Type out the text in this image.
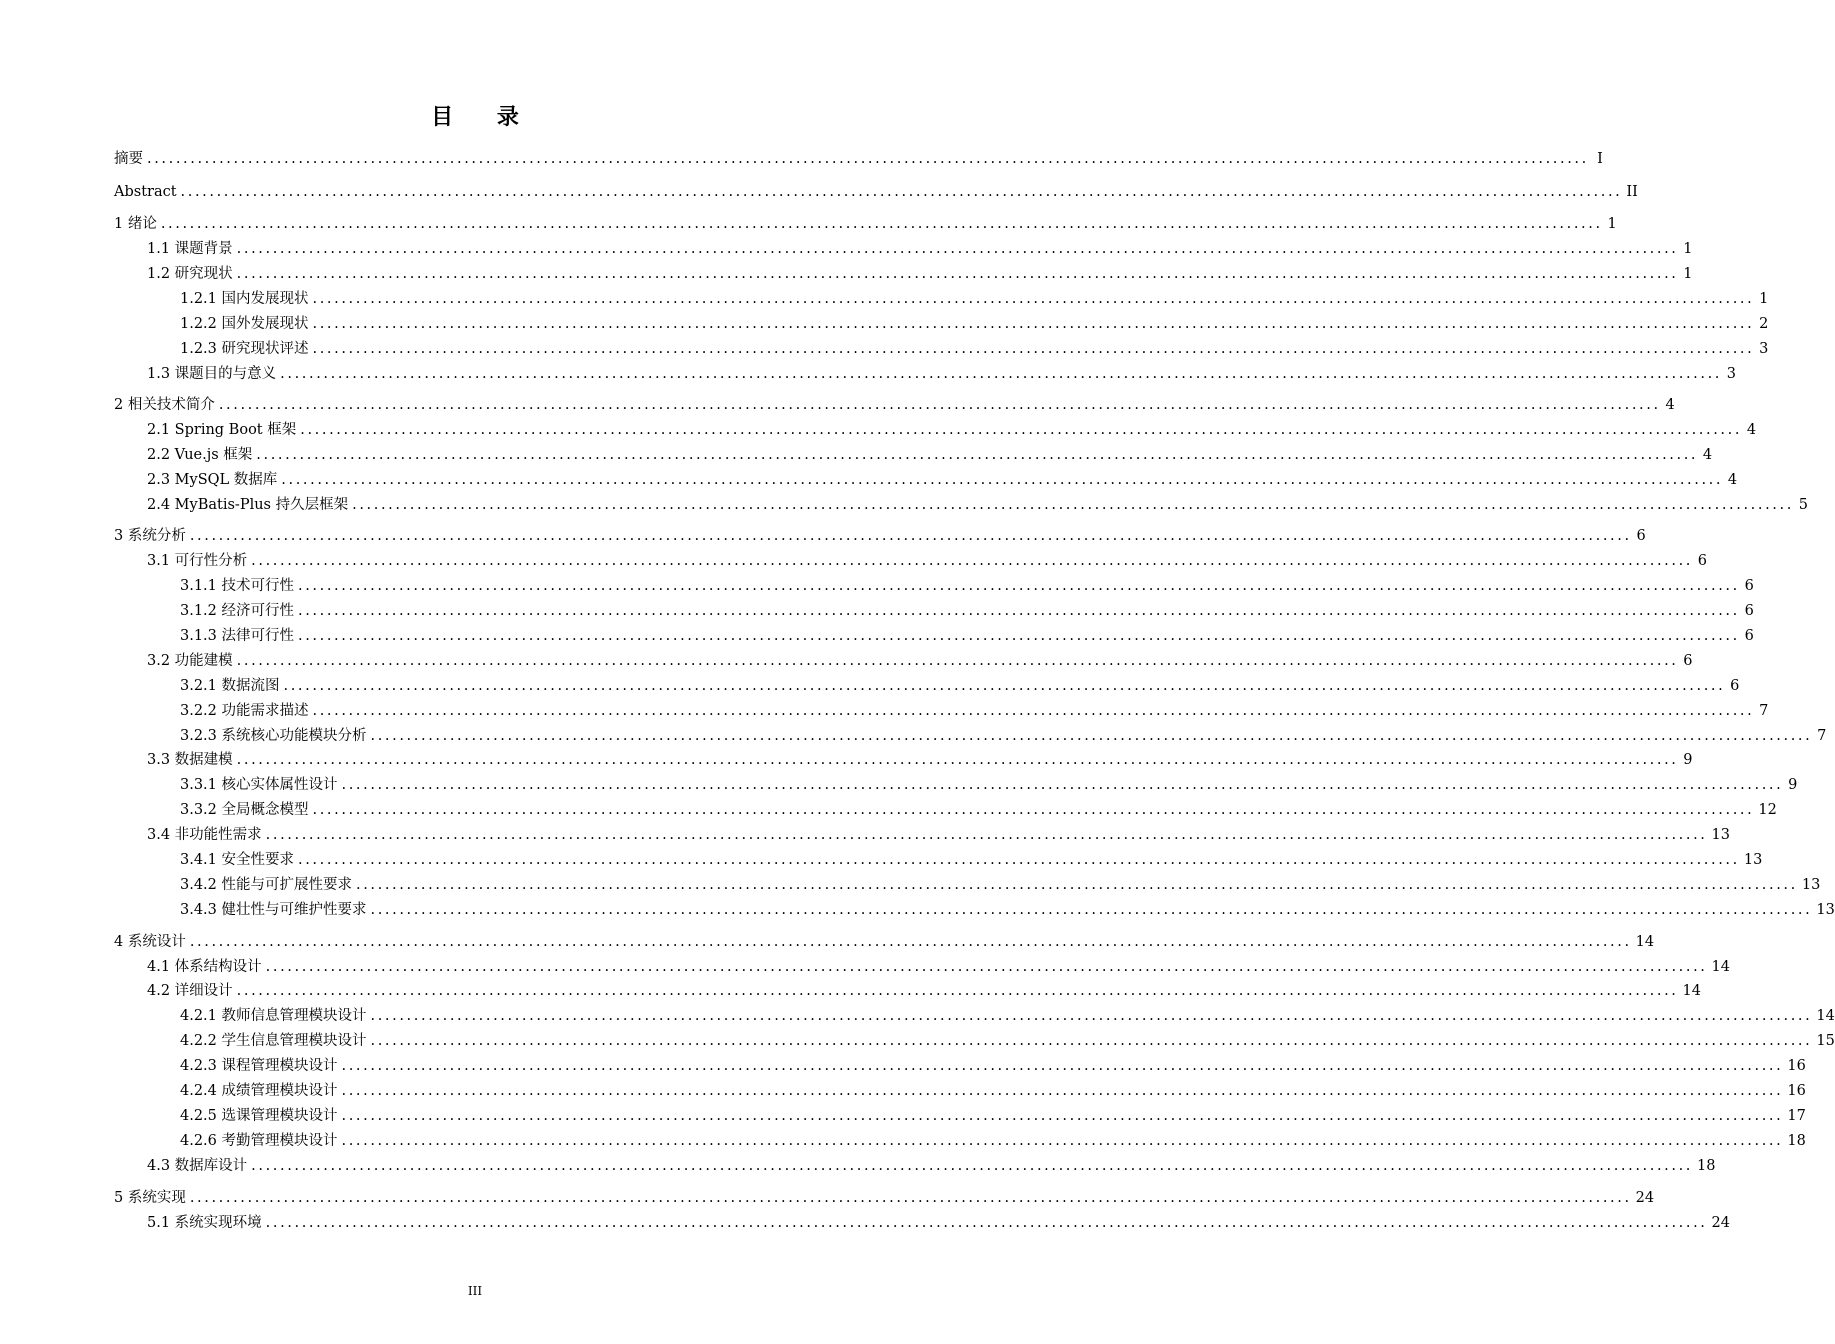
目 录
摘要 ........................................................................................................................................................................................................ I
Abstract ........................................................................................................................................................................................................ II
1 绪论 ........................................................................................................................................................................................................ 1
1.1 课题背景 ........................................................................................................................................................................................................ 1
1.2 研究现状 ........................................................................................................................................................................................................ 1
1.2.1 国内发展现状 ........................................................................................................................................................................................................ 1
1.2.2 国外发展现状 ........................................................................................................................................................................................................ 2
1.2.3 研究现状评述 ........................................................................................................................................................................................................ 3
1.3 课题目的与意义 ........................................................................................................................................................................................................ 3
2 相关技术简介 ........................................................................................................................................................................................................ 4
2.1 Spring Boot 框架 ........................................................................................................................................................................................................ 4
2.2 Vue.js 框架 ........................................................................................................................................................................................................ 4
2.3 MySQL 数据库 ........................................................................................................................................................................................................ 4
2.4 MyBatis-Plus 持久层框架 ........................................................................................................................................................................................................ 5
3 系统分析 ........................................................................................................................................................................................................ 6
3.1 可行性分析 ........................................................................................................................................................................................................ 6
3.1.1 技术可行性 ........................................................................................................................................................................................................ 6
3.1.2 经济可行性 ........................................................................................................................................................................................................ 6
3.1.3 法律可行性 ........................................................................................................................................................................................................ 6
3.2 功能建模 ........................................................................................................................................................................................................ 6
3.2.1 数据流图 ........................................................................................................................................................................................................ 6
3.2.2 功能需求描述 ........................................................................................................................................................................................................ 7
3.2.3 系统核心功能模块分析 ........................................................................................................................................................................................................ 7
3.3 数据建模 ........................................................................................................................................................................................................ 9
3.3.1 核心实体属性设计 ........................................................................................................................................................................................................ 9
3.3.2 全局概念模型 ........................................................................................................................................................................................................ 12
3.4 非功能性需求 ........................................................................................................................................................................................................ 13
3.4.1 安全性要求 ........................................................................................................................................................................................................ 13
3.4.2 性能与可扩展性要求 ........................................................................................................................................................................................................ 13
3.4.3 健壮性与可维护性要求 ........................................................................................................................................................................................................ 13
4 系统设计 ........................................................................................................................................................................................................ 14
4.1 体系结构设计 ........................................................................................................................................................................................................ 14
4.2 详细设计 ........................................................................................................................................................................................................ 14
4.2.1 教师信息管理模块设计 ........................................................................................................................................................................................................ 14
4.2.2 学生信息管理模块设计 ........................................................................................................................................................................................................ 15
4.2.3 课程管理模块设计 ........................................................................................................................................................................................................ 16
4.2.4 成绩管理模块设计 ........................................................................................................................................................................................................ 16
4.2.5 选课管理模块设计 ........................................................................................................................................................................................................ 17
4.2.6 考勤管理模块设计 ........................................................................................................................................................................................................ 18
4.3 数据库设计 ........................................................................................................................................................................................................ 18
5 系统实现 ........................................................................................................................................................................................................ 24
5.1 系统实现环境 ........................................................................................................................................................................................................ 24
III
